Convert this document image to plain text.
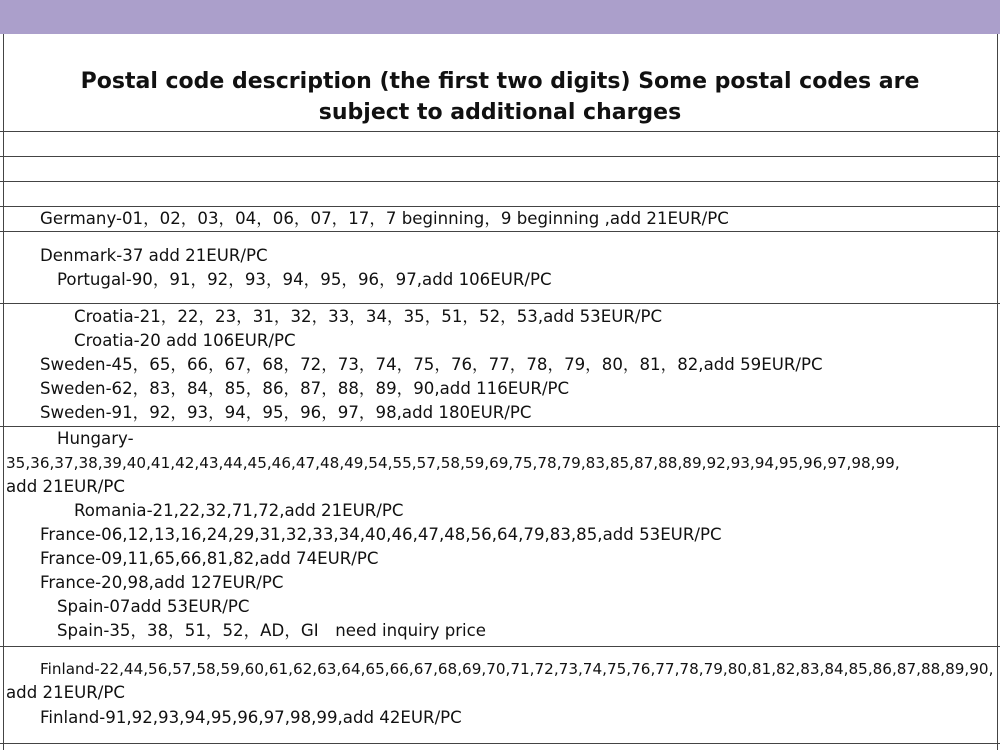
Postal code description (the first two digits) Some postal codes are subject to additional charges
Germany-01，02，03，04，06，07，17，7 beginning，9 beginning ,add 21EUR/PC
Denmark-37 add 21EUR/PC
Portugal-90，91，92，93，94，95，96，97,add 106EUR/PC
Croatia-21，22，23，31，32，33，34，35，51，52，53,add 53EUR/PC
Croatia-20 add 106EUR/PC
Sweden-45，65，66，67，68，72，73，74，75，76，77，78，79，80，81，82,add 59EUR/PC
Sweden-62，83，84，85，86，87，88，89，90,add 116EUR/PC
Sweden-91，92，93，94，95，96，97，98,add 180EUR/PC
Hungary-
35,36,37,38,39,40,41,42,43,44,45,46,47,48,49,54,55,57,58,59,69,75,78,79,83,85,87,88,89,92,93,94,95,96,97,98,99,
add 21EUR/PC
Romania-21,22,32,71,72,add 21EUR/PC
France-06,12,13,16,24,29,31,32,33,34,40,46,47,48,56,64,79,83,85,add 53EUR/PC
France-09,11,65,66,81,82,add 74EUR/PC
France-20,98,add 127EUR/PC
Spain-07add 53EUR/PC
Spain-35，38，51，52，AD，GI　need inquiry price
Finland-22,44,56,57,58,59,60,61,62,63,64,65,66,67,68,69,70,71,72,73,74,75,76,77,78,79,80,81,82,83,84,85,86,87,88,89,90,
add 21EUR/PC
Finland-91,92,93,94,95,96,97,98,99,add 42EUR/PC
